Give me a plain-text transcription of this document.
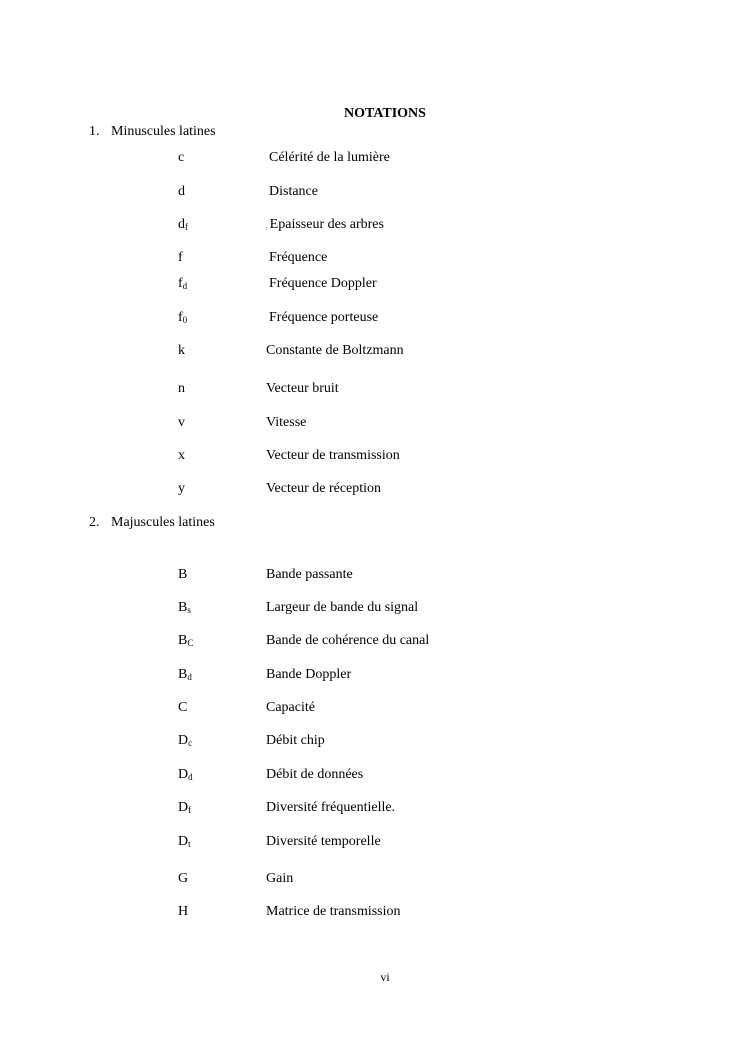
NOTATIONS
1. Minuscules latines
c	Célérité de la lumière
d	Distance
$d_f$	: Epaisseur des arbres
f	Fréquence
$f_d$	Fréquence Doppler
$f_0$	Fréquence porteuse
k	Constante de Boltzmann
n	Vecteur bruit
v	Vitesse
x	Vecteur de transmission
y	Vecteur de réception
2. Majuscules latines
B	Bande passante
$B_s$	Largeur de bande du signal
$B_C$	Bande de cohérence du canal
$B_d$	Bande Doppler
C	Capacité
$D_c$	Débit chip
$D_d$	Débit de données
$D_f$	Diversité fréquentielle.
$D_t$	Diversité temporelle
G	Gain
H	Matrice de transmission
vi
